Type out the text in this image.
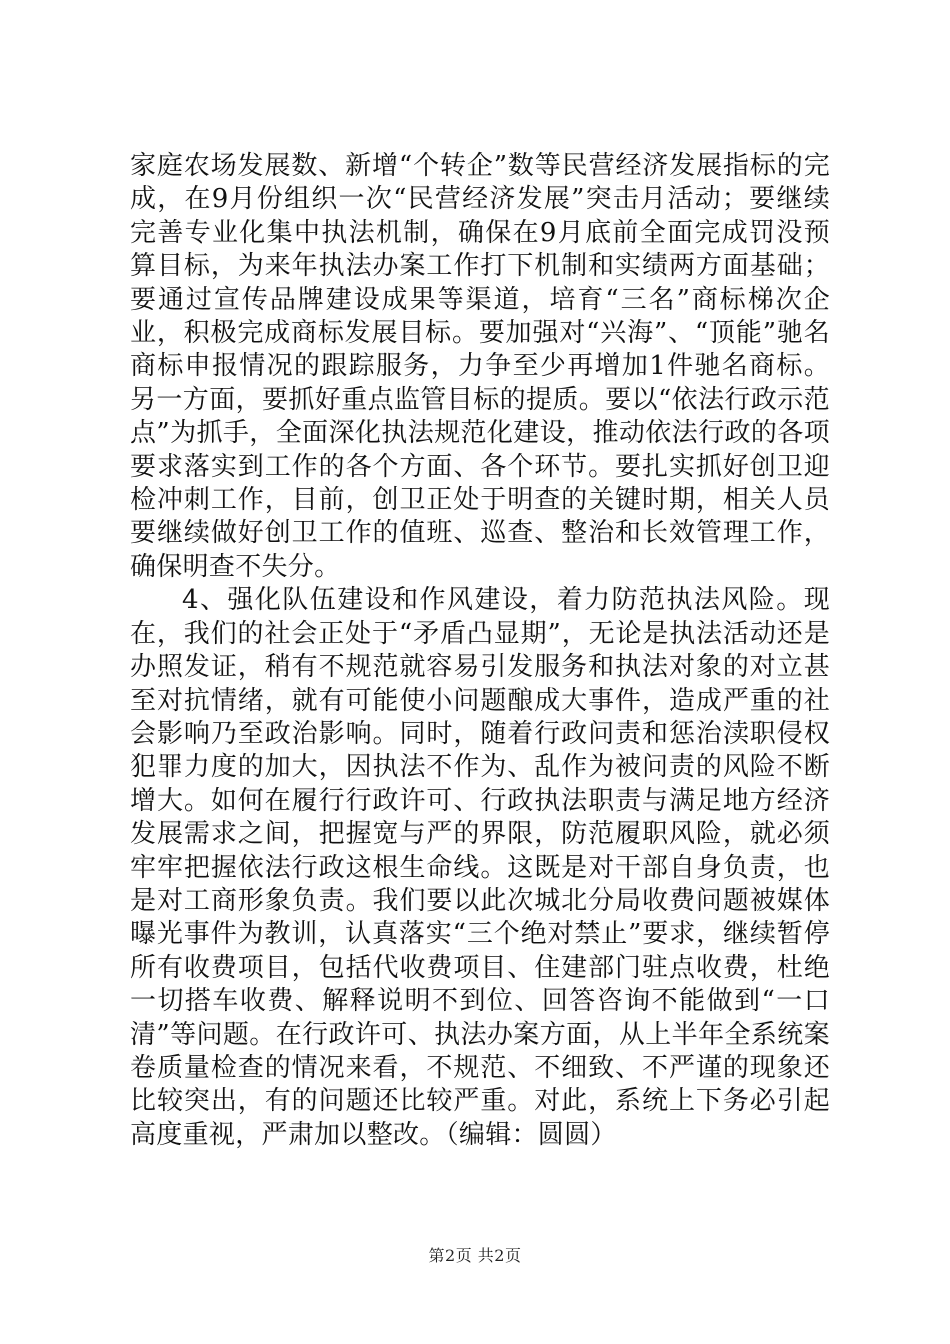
家庭农场发展数、新增“个转企”数等民营经济发展指标的完成，在9月份组织一次“民营经济发展”突击月活动；要继续完善专业化集中执法机制，确保在9月底前全面完成罚没预算目标，为来年执法办案工作打下机制和实绩两方面基础；要通过宣传品牌建设成果等渠道，培育“三名”商标梯次企业，积极完成商标发展目标。要加强对“兴海”、“顶能”驰名商标申报情况的跟踪服务，力争至少再增加1件驰名商标。另一方面，要抓好重点监管目标的提质。要以“依法行政示范点”为抓手，全面深化执法规范化建设，推动依法行政的各项要求落实到工作的各个方面、各个环节。要扎实抓好创卫迎检冲刺工作，目前，创卫正处于明查的关键时期，相关人员要继续做好创卫工作的值班、巡查、整治和长效管理工作，确保明查不失分。

4、强化队伍建设和作风建设，着力防范执法风险。现在，我们的社会正处于“矛盾凸显期”，无论是执法活动还是办照发证，稍有不规范就容易引发服务和执法对象的对立甚至对抗情绪，就有可能使小问题酿成大事件，造成严重的社会影响乃至政治影响。同时，随着行政问责和惩治渎职侵权犯罪力度的加大，因执法不作为、乱作为被问责的风险不断增大。如何在履行行政许可、行政执法职责与满足地方经济发展需求之间，把握宽与严的界限，防范履职风险，就必须牢牢把握依法行政这根生命线。这既是对干部自身负责，也是对工商形象负责。我们要以此次城北分局收费问题被媒体曝光事件为教训，认真落实“三个绝对禁止”要求，继续暂停所有收费项目，包括代收费项目、住建部门驻点收费，杜绝一切搭车收费、解释说明不到位、回答咨询不能做到“一口清”等问题。在行政许可、执法办案方面，从上半年全系统案卷质量检查的情况来看，不规范、不细致、不严谨的现象还比较突出，有的问题还比较严重。对此，系统上下务必引起高度重视，严肃加以整改。（编辑：圆圆）

第2页 共2页
